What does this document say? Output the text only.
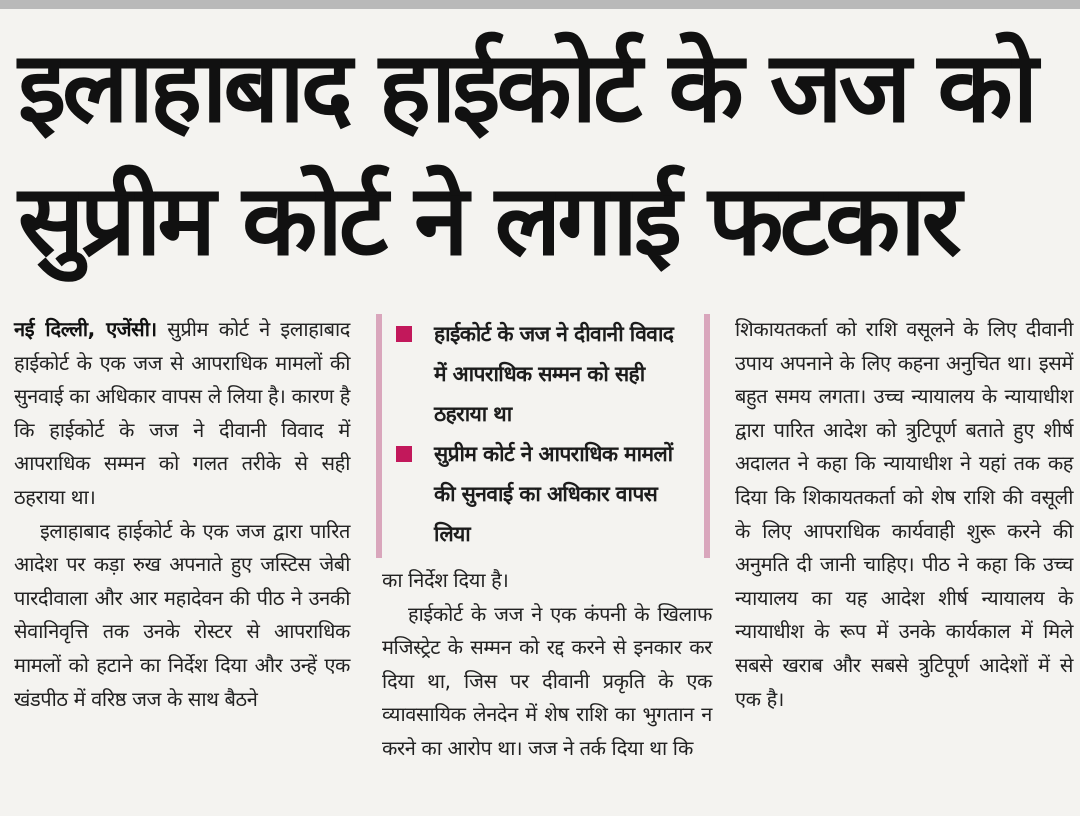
इलाहाबाद हाईकोर्ट के जज को
सुप्रीम कोर्ट ने लगाई फटकार

नई दिल्ली, एजेंसी। सुप्रीम कोर्ट ने इलाहाबाद हाईकोर्ट के एक जज से आपराधिक मामलों की सुनवाई का अधिकार वापस ले लिया है। कारण है कि हाईकोर्ट के जज ने दीवानी विवाद में आपराधिक सम्मन को गलत तरीके से सही ठहराया था।

इलाहाबाद हाईकोर्ट के एक जज द्वारा पारित आदेश पर कड़ा रुख अपनाते हुए जस्टिस जेबी पारदीवाला और आर महादेवन की पीठ ने उनकी सेवानिवृत्ति तक उनके रोस्टर से आपराधिक मामलों को हटाने का निर्देश दिया और उन्हें एक खंडपीठ में वरिष्ठ जज के साथ बैठने

हाईकोर्ट के जज ने दीवानी विवाद में आपराधिक सम्मन को सही ठहराया था
सुप्रीम कोर्ट ने आपराधिक मामलों की सुनवाई का अधिकार वापस लिया

का निर्देश दिया है।

हाईकोर्ट के जज ने एक कंपनी के खिलाफ मजिस्ट्रेट के सम्मन को रद्द करने से इनकार कर दिया था, जिस पर दीवानी प्रकृति के एक व्यावसायिक लेनदेन में शेष राशि का भुगतान न करने का आरोप था। जज ने तर्क दिया था कि

शिकायतकर्ता को राशि वसूलने के लिए दीवानी उपाय अपनाने के लिए कहना अनुचित था। इसमें बहुत समय लगता। उच्च न्यायालय के न्यायाधीश द्वारा पारित आदेश को त्रुटिपूर्ण बताते हुए शीर्ष अदालत ने कहा कि न्यायाधीश ने यहां तक कह दिया कि शिकायतकर्ता को शेष राशि की वसूली के लिए आपराधिक कार्यवाही शुरू करने की अनुमति दी जानी चाहिए। पीठ ने कहा कि उच्च न्यायालय का यह आदेश शीर्ष न्यायालय के न्यायाधीश के रूप में उनके कार्यकाल में मिले सबसे खराब और सबसे त्रुटिपूर्ण आदेशों में से एक है।
